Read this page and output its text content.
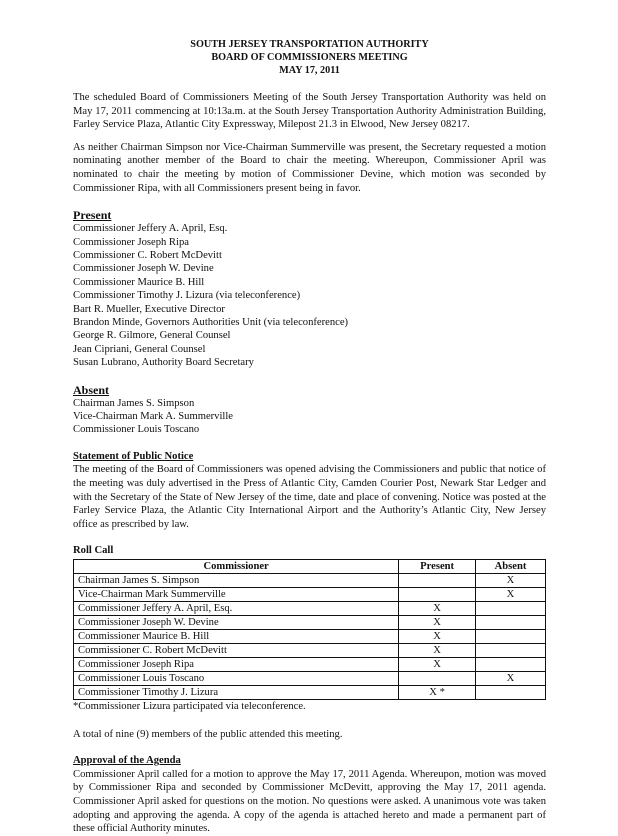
SOUTH JERSEY TRANSPORTATION AUTHORITY
BOARD OF COMMISSIONERS MEETING
MAY 17, 2011

The scheduled Board of Commissioners Meeting of the South Jersey Transportation Authority was held on May 17, 2011 commencing at 10:13a.m. at the South Jersey Transportation Authority Administration Building, Farley Service Plaza, Atlantic City Expressway, Milepost 21.3 in Elwood, New Jersey 08217.

As neither Chairman Simpson nor Vice-Chairman Summerville was present, the Secretary requested a motion nominating another member of the Board to chair the meeting. Whereupon, Commissioner April was nominated to chair the meeting by motion of Commissioner Devine, which motion was seconded by Commissioner Ripa, with all Commissioners present being in favor.

Present
Commissioner Jeffery A. April, Esq.
Commissioner Joseph Ripa
Commissioner C. Robert McDevitt
Commissioner Joseph W. Devine
Commissioner Maurice B. Hill
Commissioner Timothy J. Lizura (via teleconference)
Bart R. Mueller, Executive Director
Brandon Minde, Governors Authorities Unit (via teleconference)
George R. Gilmore, General Counsel
Jean Cipriani, General Counsel
Susan Lubrano, Authority Board Secretary
Absent
Chairman James S. Simpson
Vice-Chairman Mark A. Summerville
Commissioner Louis Toscano
Statement of Public Notice

The meeting of the Board of Commissioners was opened advising the Commissioners and public that notice of the meeting was duly advertised in the Press of Atlantic City, Camden Courier Post, Newark Star Ledger and with the Secretary of the State of New Jersey of the time, date and place of convening. Notice was posted at the Farley Service Plaza, the Atlantic City International Airport and the Authority’s Atlantic City, New Jersey office as prescribed by law.

Roll Call
Commissioner	Present	Absent
Chairman James S. Simpson		X
Vice-Chairman Mark Summerville		X
Commissioner Jeffery A. April, Esq.	X	
Commissioner Joseph W. Devine	X	
Commissioner Maurice B. Hill	X	
Commissioner C. Robert McDevitt	X	
Commissioner Joseph Ripa	X	
Commissioner Louis Toscano		X
Commissioner Timothy J. Lizura	X *	
*Commissioner Lizura participated via teleconference.

A total of nine (9) members of the public attended this meeting.

Approval of the Agenda

Commissioner April called for a motion to approve the May 17, 2011 Agenda. Whereupon, motion was moved by Commissioner Ripa and seconded by Commissioner McDevitt, approving the May 17, 2011 agenda. Commissioner April asked for questions on the motion. No questions were asked. A unanimous vote was taken adopting and approving the agenda. A copy of the agenda is attached hereto and made a permanent part of these official Authority minutes.
